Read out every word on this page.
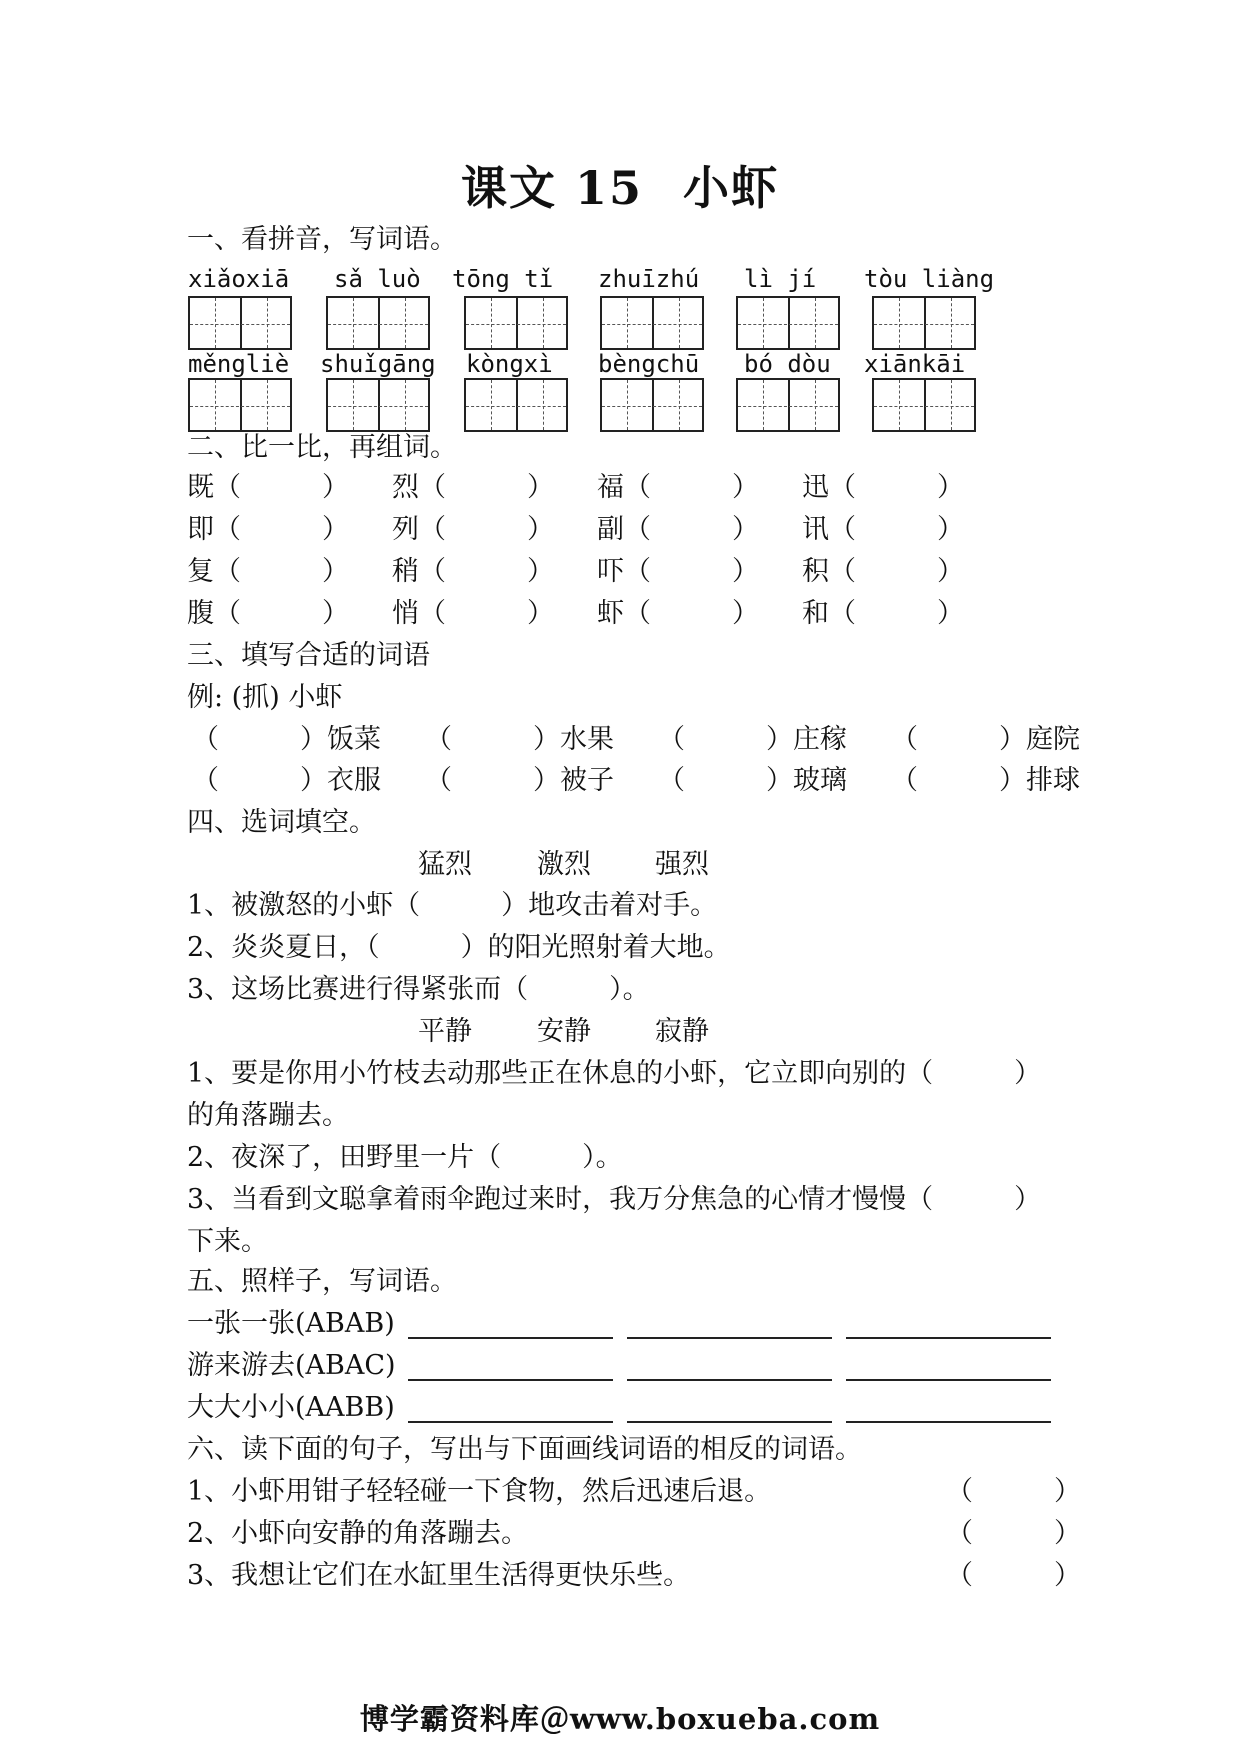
课文 15 小虾
一、看拼音，写词语。
xiǎoxiā sǎ luò tōng tǐ zhuīzhú lì jí tòu liàng
měngliè shuǐgāng kòngxì bèngchū bó dòu xiānkāi
二、比一比，再组词。
既（　　　） 烈（　　　） 福（　　　） 迅（　　　）
即（　　　） 列（　　　） 副（　　　） 讯（　　　）
复（　　　） 稍（　　　） 吓（　　　） 积（　　　）
腹（　　　） 悄（　　　） 虾（　　　） 和（　　　）
三、填写合适的词语
例: (抓) 小虾
（　　　）饭菜 （　　　）水果 （　　　）庄稼 （　　　）庭院
（　　　）衣服 （　　　）被子 （　　　）玻璃 （　　　）排球
四、选词填空。
猛烈 激烈 强烈
1、被激怒的小虾（　　　）地攻击着对手。
2、炎炎夏日，（　　　）的阳光照射着大地。
3、这场比赛进行得紧张而（　　　）。
平静 安静 寂静
1、要是你用小竹枝去动那些正在休息的小虾，它立即向别的（　　　）
的角落蹦去。
2、夜深了，田野里一片（　　　）。
3、当看到文聪拿着雨伞跑过来时，我万分焦急的心情才慢慢（　　　）
下来。
五、照样子，写词语。
一张一张(ABAB)
游来游去(ABAC)
大大小小(AABB)
六、读下面的句子，写出与下面画线词语的相反的词语。
1、小虾用钳子轻轻碰一下食物，然后迅速后退。	（　　　）
2、小虾向安静的角落蹦去。	（　　　）
3、我想让它们在水缸里生活得更快乐些。	（　　　）
博学霸资料库＠www.boxueba.com
